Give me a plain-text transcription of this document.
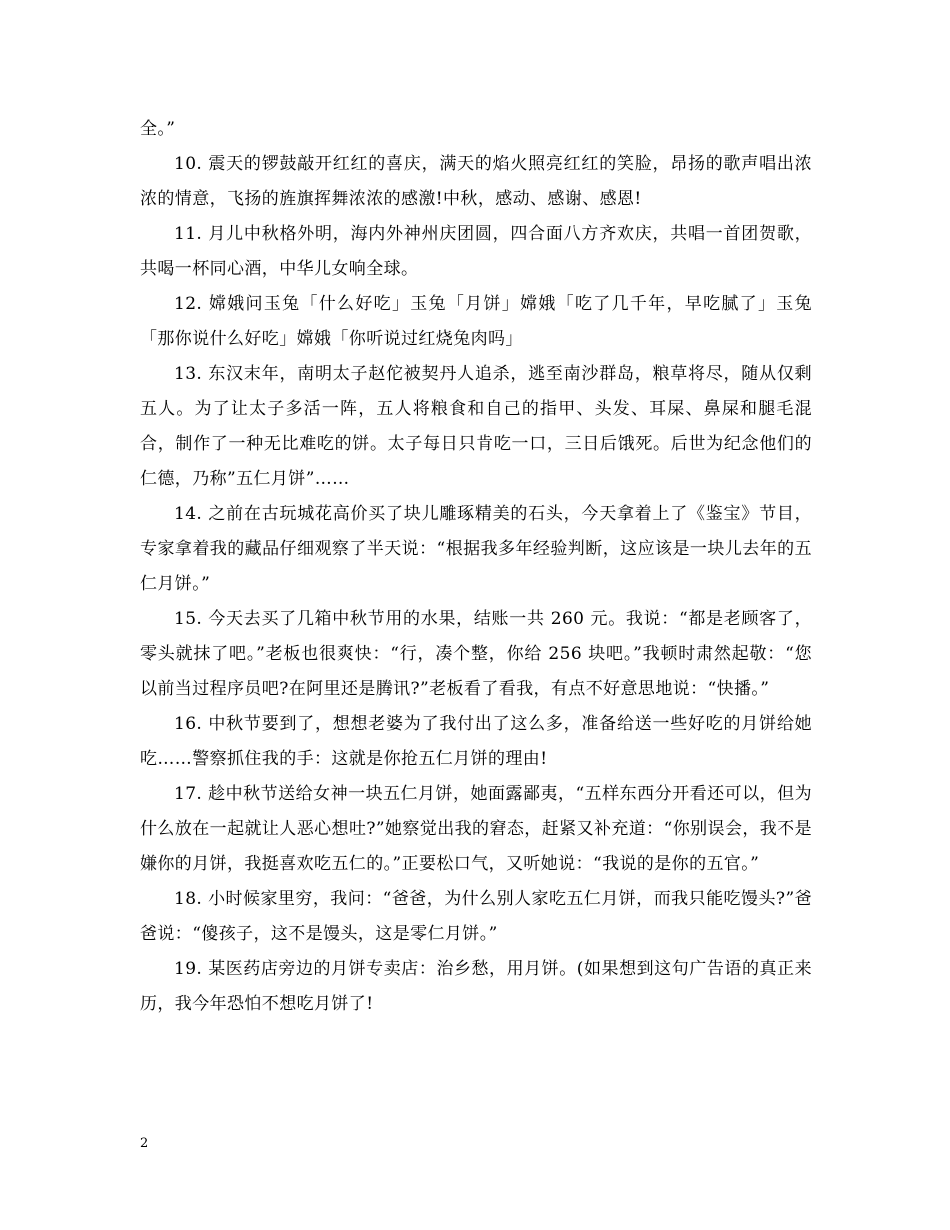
全。”

10. 震天的锣鼓敲开红红的喜庆，满天的焰火照亮红红的笑脸，昂扬的歌声唱出浓浓的情意，飞扬的旌旗挥舞浓浓的感激!中秋，感动、感谢、感恩!

11. 月儿中秋格外明，海内外神州庆团圆，四合面八方齐欢庆，共唱一首团贺歌，共喝一杯同心酒，中华儿女响全球。

12. 嫦娥问玉兔「什么好吃」玉兔「月饼」嫦娥「吃了几千年，早吃腻了」玉兔「那你说什么好吃」嫦娥「你听说过红烧兔肉吗」

13. 东汉末年，南明太子赵佗被契丹人追杀，逃至南沙群岛，粮草将尽，随从仅剩五人。为了让太子多活一阵，五人将粮食和自己的指甲、头发、耳屎、鼻屎和腿毛混合，制作了一种无比难吃的饼。太子每日只肯吃一口，三日后饿死。后世为纪念他们的仁德，乃称”五仁月饼”……

14. 之前在古玩城花高价买了块儿雕琢精美的石头，今天拿着上了《鉴宝》节目，专家拿着我的藏品仔细观察了半天说：“根据我多年经验判断，这应该是一块儿去年的五仁月饼。”

15. 今天去买了几箱中秋节用的水果，结账一共 260 元。我说：“都是老顾客了，零头就抹了吧。”老板也很爽快：“行，凑个整，你给 256 块吧。”我顿时肃然起敬：“您以前当过程序员吧?在阿里还是腾讯?”老板看了看我，有点不好意思地说：“快播。”

16. 中秋节要到了，想想老婆为了我付出了这么多，准备给送一些好吃的月饼给她吃……警察抓住我的手：这就是你抢五仁月饼的理由!

17. 趁中秋节送给女神一块五仁月饼，她面露鄙夷，“五样东西分开看还可以，但为什么放在一起就让人恶心想吐?”她察觉出我的窘态，赶紧又补充道：“你别误会，我不是嫌你的月饼，我挺喜欢吃五仁的。”正要松口气，又听她说：“我说的是你的五官。”

18. 小时候家里穷，我问：“爸爸，为什么别人家吃五仁月饼，而我只能吃馒头?”爸爸说：“傻孩子，这不是馒头，这是零仁月饼。”

19. 某医药店旁边的月饼专卖店：治乡愁，用月饼。(如果想到这句广告语的真正来历，我今年恐怕不想吃月饼了!

2
